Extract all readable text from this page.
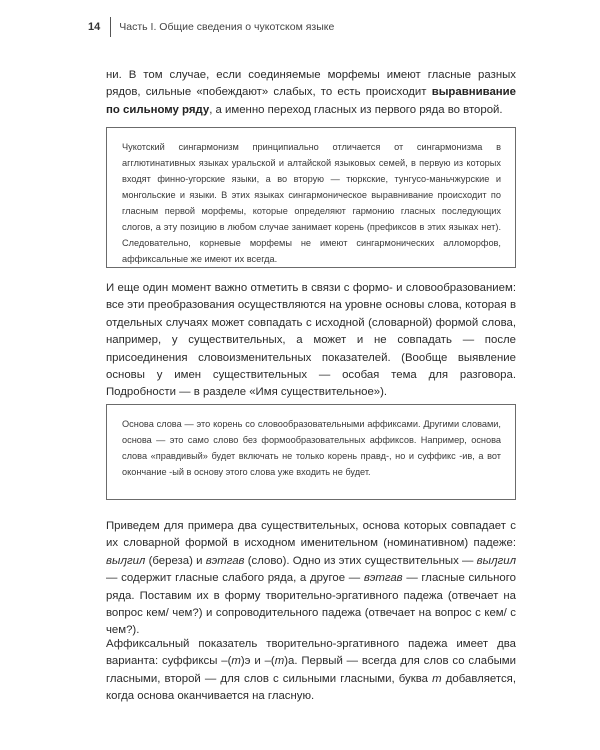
14 Часть I. Общие сведения о чукотском языке

ни. В том случае, если соединяемые морфемы имеют гласные разных рядов, сильные «побеждают» слабых, то есть происходит выравнивание по сильному ряду, а именно переход гласных из первого ряда во второй.

Чукотский сингармонизм принципиально отличается от сингармонизма в агглютинативных языках уральской и алтайской языковых семей, в первую из которых входят финно-угорские языки, а во вторую — тюркские, тунгусо-маньчжурские и монгольские и языки. В этих языках сингармоническое выравнивание происходит по гласным первой морфемы, которые определяют гармонию гласных последующих слогов, а эту позицию в любом случае занимает корень (префиксов в этих языках нет). Следовательно, корневые морфемы не имеют сингармонических алломорфов, аффиксальные же имеют их всегда.

И еще один момент важно отметить в связи с формо- и словообразованием: все эти преобразования осуществляются на уровне основы слова, которая в отдельных случаях может совпадать с исходной (словарной) формой слова, например, у существительных, а может и не совпадать — после присоединения словоизменительных показателей. (Вообще выявление основы у имен существительных — особая тема для разговора. Подробности — в разделе «Имя существительное»).

Основа слова — это корень со словообразовательными аффиксами. Другими словами, основа — это само слово без формообразовательных аффиксов. Например, основа слова «правдивый» будет включать не только корень правд-, но и суффикс -ив, а вот окончание -ый в основу этого слова уже входить не будет.

Приведем для примера два существительных, основа которых совпадает с их словарной формой в исходном именительном (номинативном) падеже: выԓгил (береза) и вэтгав (слово). Одно из этих существительных — выԓгил — содержит гласные слабого ряда, а другое — вэтгав — гласные сильного ряда. Поставим их в форму творительно-эргативного падежа (отвечает на вопрос кем/ чем?) и сопроводительного падежа (отвечает на вопрос с кем/ с чем?).

Аффиксальный показатель творительно-эргативного падежа имеет два варианта: суффиксы –(т)э и –(т)а. Первый — всегда для слов со слабыми гласными, второй — для слов с сильными гласными, буква т добавляется, когда основа оканчивается на гласную.
